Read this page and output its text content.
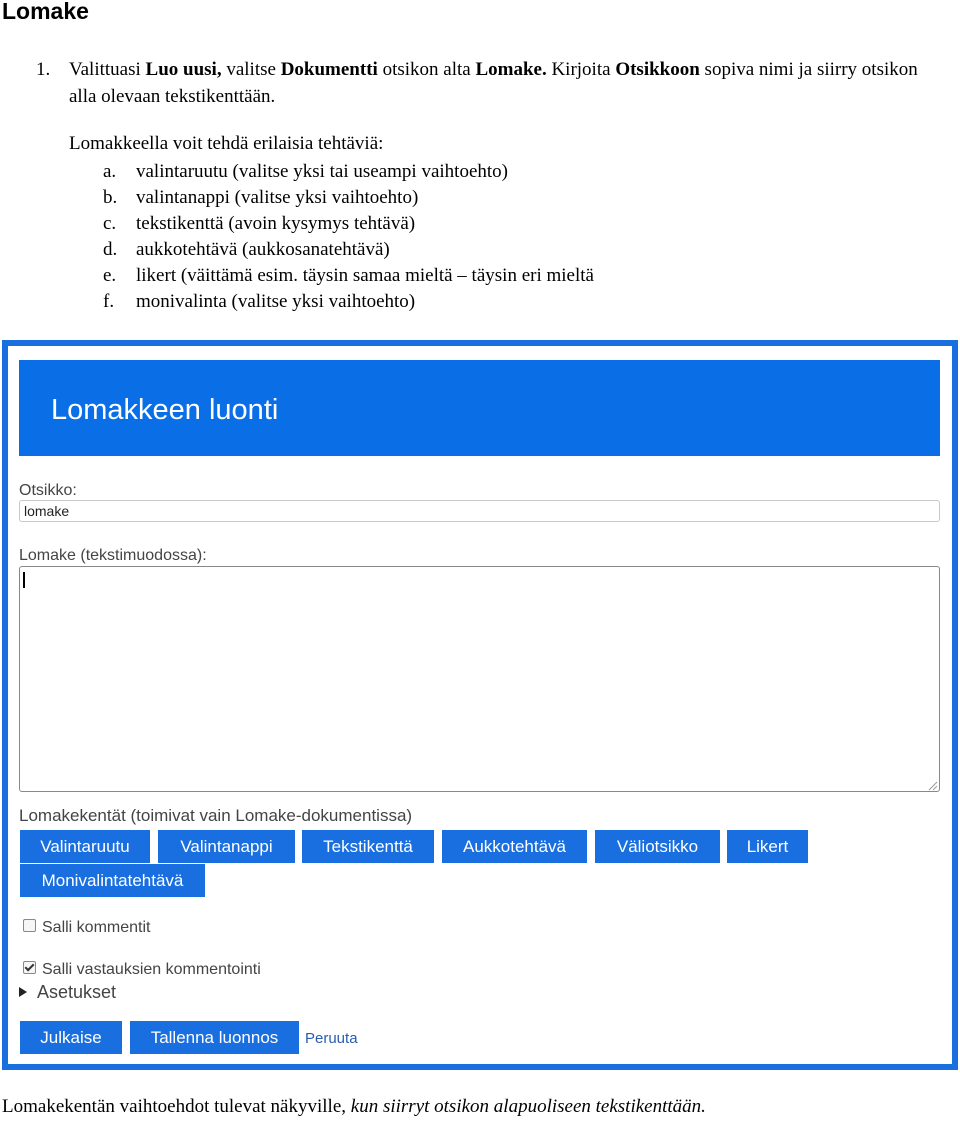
Lomake
1. Valittuasi Luo uusi, valitse Dokumentti otsikon alta Lomake. Kirjoita Otsikkoon sopiva nimi ja siirry otsikon alla olevaan tekstikenttään.
Lomakkeella voit tehdä erilaisia tehtäviä:
a. valintaruutu (valitse yksi tai useampi vaihtoehto)
b. valintanappi (valitse yksi vaihtoehto)
c. tekstikenttä (avoin kysymys tehtävä)
d. aukkotehtävä (aukkosanatehtävä)
e. likert (väittämä esim. täysin samaa mieltä – täysin eri mieltä
f. monivalinta (valitse yksi vaihtoehto)
Lomakkeen luonti
Otsikko:
lomake
Lomake (tekstimuodossa):
Lomakekentät (toimivat vain Lomake-dokumentissa)
Valintaruutu	Valintanappi	Tekstikenttä	Aukkotehtävä	Väliotsikko	Likert
Monivalintatehtävä
Salli kommentit
Salli vastauksien kommentointi
Asetukset
Julkaise	Tallenna luonnos	Peruuta
Lomakekentän vaihtoehdot tulevat näkyville, kun siirryt otsikon alapuoliseen tekstikenttään.
